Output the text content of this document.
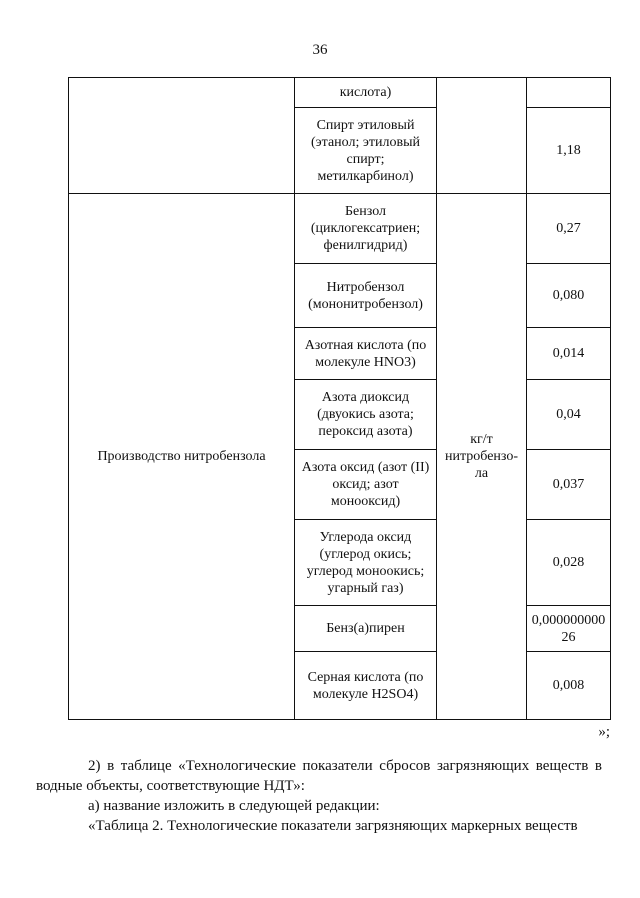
36
	кислота)		
	Спирт этиловый (этанол; этиловый спирт; метилкарбинол)		1,18
Производство нитробензола	Бензол (циклогексатриен; фенилгидрид)	кг/т нитробензо-ла	0,27
	Нитробензол (мононитробензол)		0,080
	Азотная кислота (по молекуле HNO3)		0,014
	Азота диоксид (двуокись азота; пероксид азота)		0,04
	Азота оксид (азот (II) оксид; азот монооксид)		0,037
	Углерода оксид (углерод окись; углерод моноокись; угарный газ)		0,028
	Бенз(а)пирен		0,00000000026
	Серная кислота (по молекуле H2SO4)		0,008
»;
2) в таблице «Технологические показатели сбросов загрязняющих веществ в водные объекты, соответствующие НДТ»:
а) название изложить в следующей редакции:
«Таблица 2. Технологические показатели загрязняющих маркерных веществ
